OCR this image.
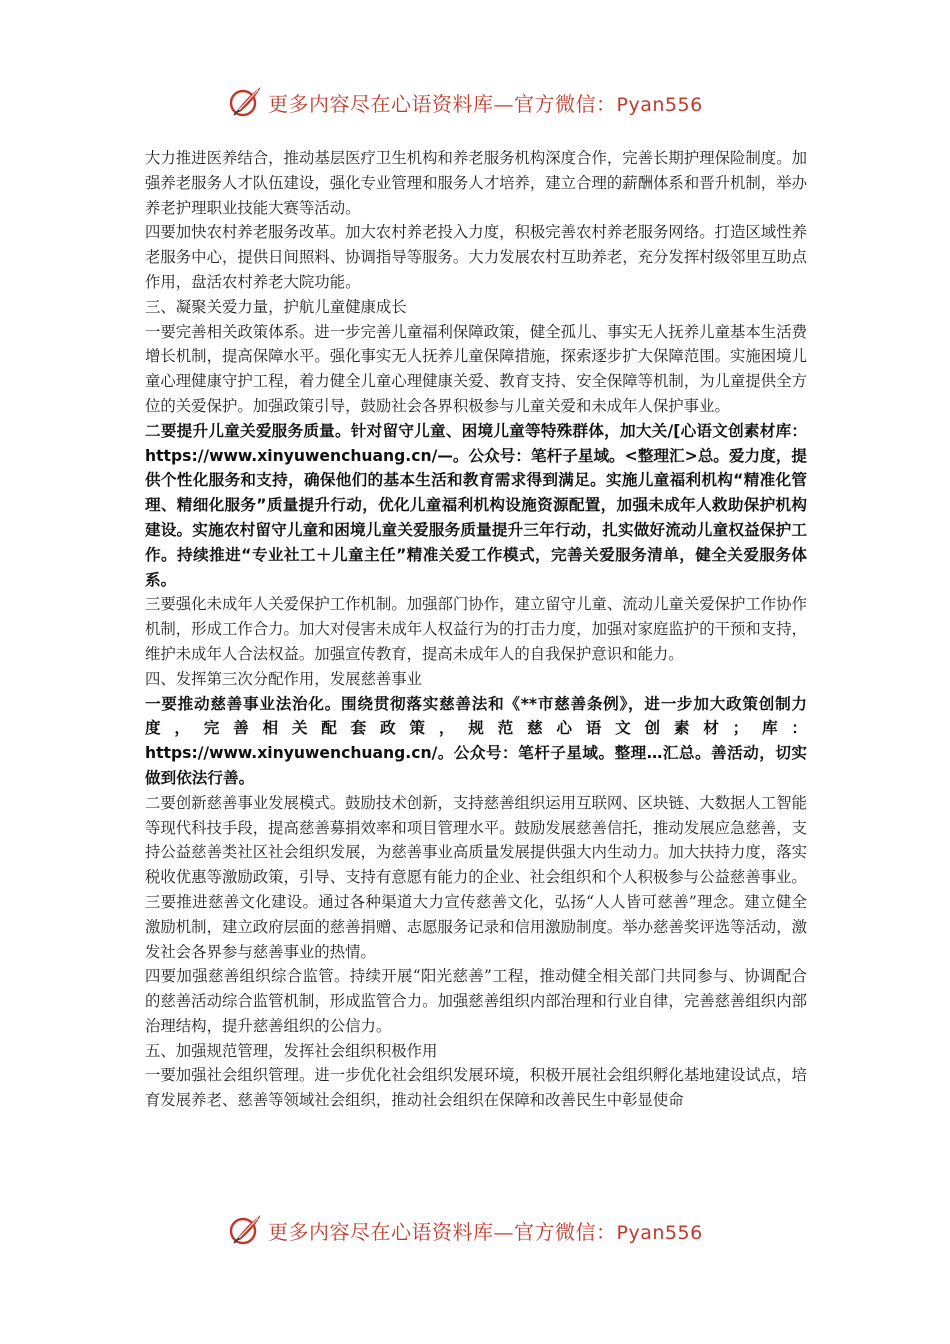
更多内容尽在心语资料库—官方微信：Pyan556

大力推进医养结合，推动基层医疗卫生机构和养老服务机构深度合作，完善长期护理保险制度。加强养老服务人才队伍建设，强化专业管理和服务人才培养，建立合理的薪酬体系和晋升机制，举办养老护理职业技能大赛等活动。

四要加快农村养老服务改革。加大农村养老投入力度，积极完善农村养老服务网络。打造区域性养老服务中心，提供日间照料、协调指导等服务。大力发展农村互助养老，充分发挥村级邻里互助点作用，盘活农村养老大院功能。

三、凝聚关爱力量，护航儿童健康成长

一要完善相关政策体系。进一步完善儿童福利保障政策，健全孤儿、事实无人抚养儿童基本生活费增长机制，提高保障水平。强化事实无人抚养儿童保障措施，探索逐步扩大保障范围。实施困境儿童心理健康守护工程，着力健全儿童心理健康关爱、教育支持、安全保障等机制，为儿童提供全方位的关爱保护。加强政策引导，鼓励社会各界积极参与儿童关爱和未成年人保护事业。

二要提升儿童关爱服务质量。针对留守儿童、困境儿童等特殊群体，加大关/[心语文创素材库：https://www.xinyuwenchuang.cn/—。公众号：笔杆子星域。<整理汇>总。爱力度，提供个性化服务和支持，确保他们的基本生活和教育需求得到满足。实施儿童福利机构“精准化管理、精细化服务”质量提升行动，优化儿童福利机构设施资源配置，加强未成年人救助保护机构建设。实施农村留守儿童和困境儿童关爱服务质量提升三年行动，扎实做好流动儿童权益保护工作。持续推进“专业社工＋儿童主任”精准关爱工作模式，完善关爱服务清单，健全关爱服务体系。

三要强化未成年人关爱保护工作机制。加强部门协作，建立留守儿童、流动儿童关爱保护工作协作机制，形成工作合力。加大对侵害未成年人权益行为的打击力度，加强对家庭监护的干预和支持，维护未成年人合法权益。加强宣传教育，提高未成年人的自我保护意识和能力。

四、发挥第三次分配作用，发展慈善事业

一要推动慈善事业法治化。围绕贯彻落实慈善法和《**市慈善条例》，进一步加大政策创制力度，完善相关配套政策，规范慈心语文创素材；库：https://www.xinyuwenchuang.cn/。公众号：笔杆子星域。整理…汇总。善活动，切实做到依法行善。

二要创新慈善事业发展模式。鼓励技术创新，支持慈善组织运用互联网、区块链、大数据人工智能等现代科技手段，提高慈善募捐效率和项目管理水平。鼓励发展慈善信托，推动发展应急慈善，支持公益慈善类社区社会组织发展，为慈善事业高质量发展提供强大内生动力。加大扶持力度，落实税收优惠等激励政策，引导、支持有意愿有能力的企业、社会组织和个人积极参与公益慈善事业。

三要推进慈善文化建设。通过各种渠道大力宣传慈善文化，弘扬“人人皆可慈善”理念。建立健全激励机制，建立政府层面的慈善捐赠、志愿服务记录和信用激励制度。举办慈善奖评选等活动，激发社会各界参与慈善事业的热情。

四要加强慈善组织综合监管。持续开展“阳光慈善”工程，推动健全相关部门共同参与、协调配合的慈善活动综合监管机制，形成监管合力。加强慈善组织内部治理和行业自律，完善慈善组织内部治理结构，提升慈善组织的公信力。

五、加强规范管理，发挥社会组织积极作用

一要加强社会组织管理。进一步优化社会组织发展环境，积极开展社会组织孵化基地建设试点，培育发展养老、慈善等领域社会组织，推动社会组织在保障和改善民生中彰显使命

更多内容尽在心语资料库—官方微信：Pyan556
